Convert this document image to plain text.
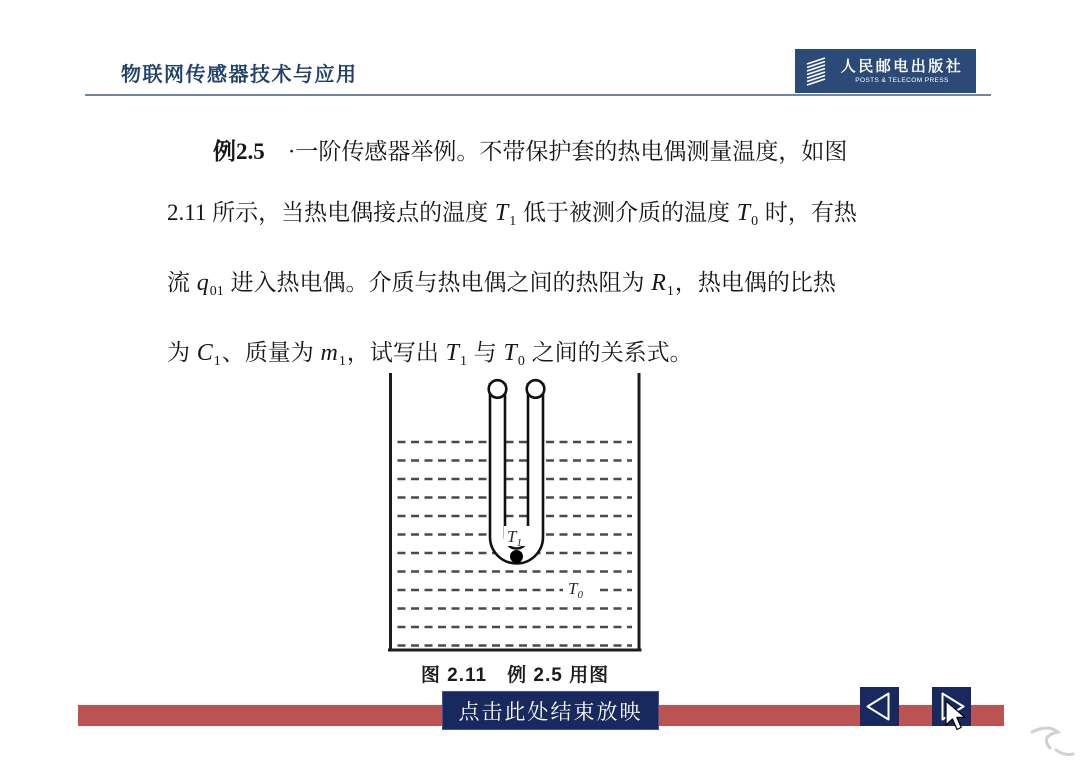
物联网传感器技术与应用	人民邮电出版社
POSTS & TELECOM PRESS

例2.5　·一阶传感器举例。不带保护套的热电偶测量温度，如图

2.11 所示，当热电偶接点的温度 $T_1$ 低于被测介质的温度 $T_0$ 时，有热

流 $q_{01}$ 进入热电偶。介质与热电偶之间的热阻为 $R_1$，热电偶的比热

为 $C_1$、质量为 $m_1$，试写出 $T_1$ 与 $T_0$ 之间的关系式。

$T_1$
$T_0$
图 2.11　例 2.5 用图
点击此处结束放映
